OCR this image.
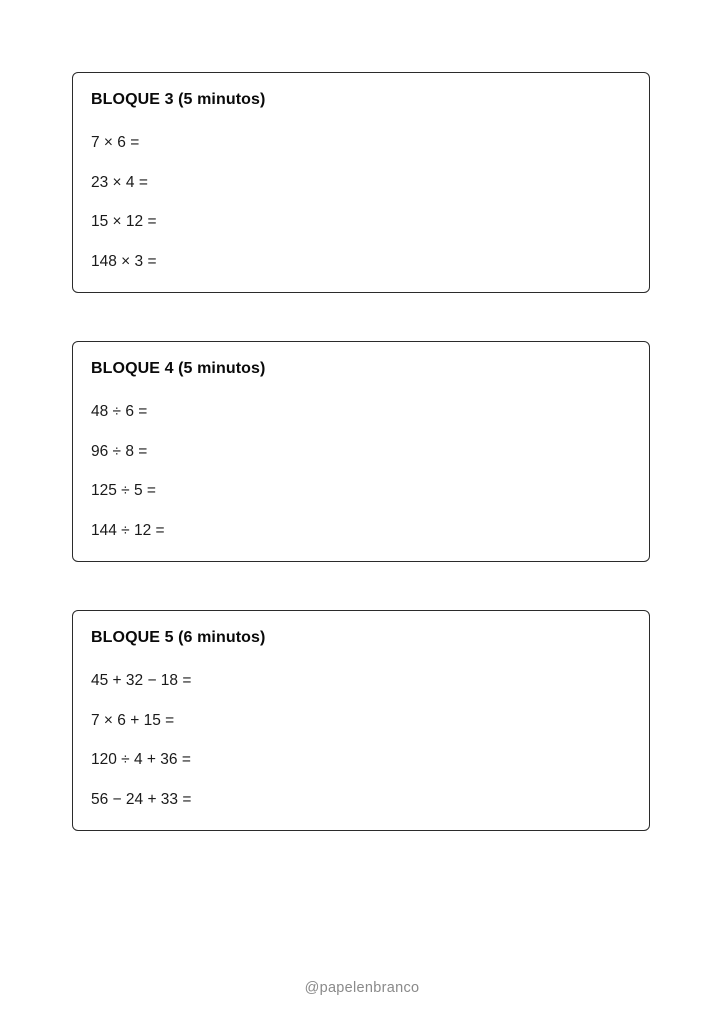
BLOQUE 3 (5 minutos)
7 × 6 =
23 × 4 =
15 × 12 =
148 × 3 =
BLOQUE 4 (5 minutos)
48 ÷ 6 =
96 ÷ 8 =
125 ÷ 5 =
144 ÷ 12 =
BLOQUE 5 (6 minutos)
45 + 32 − 18 =
7 × 6 + 15 =
120 ÷ 4 + 36 =
56 − 24 + 33 =
@papelenbranco
